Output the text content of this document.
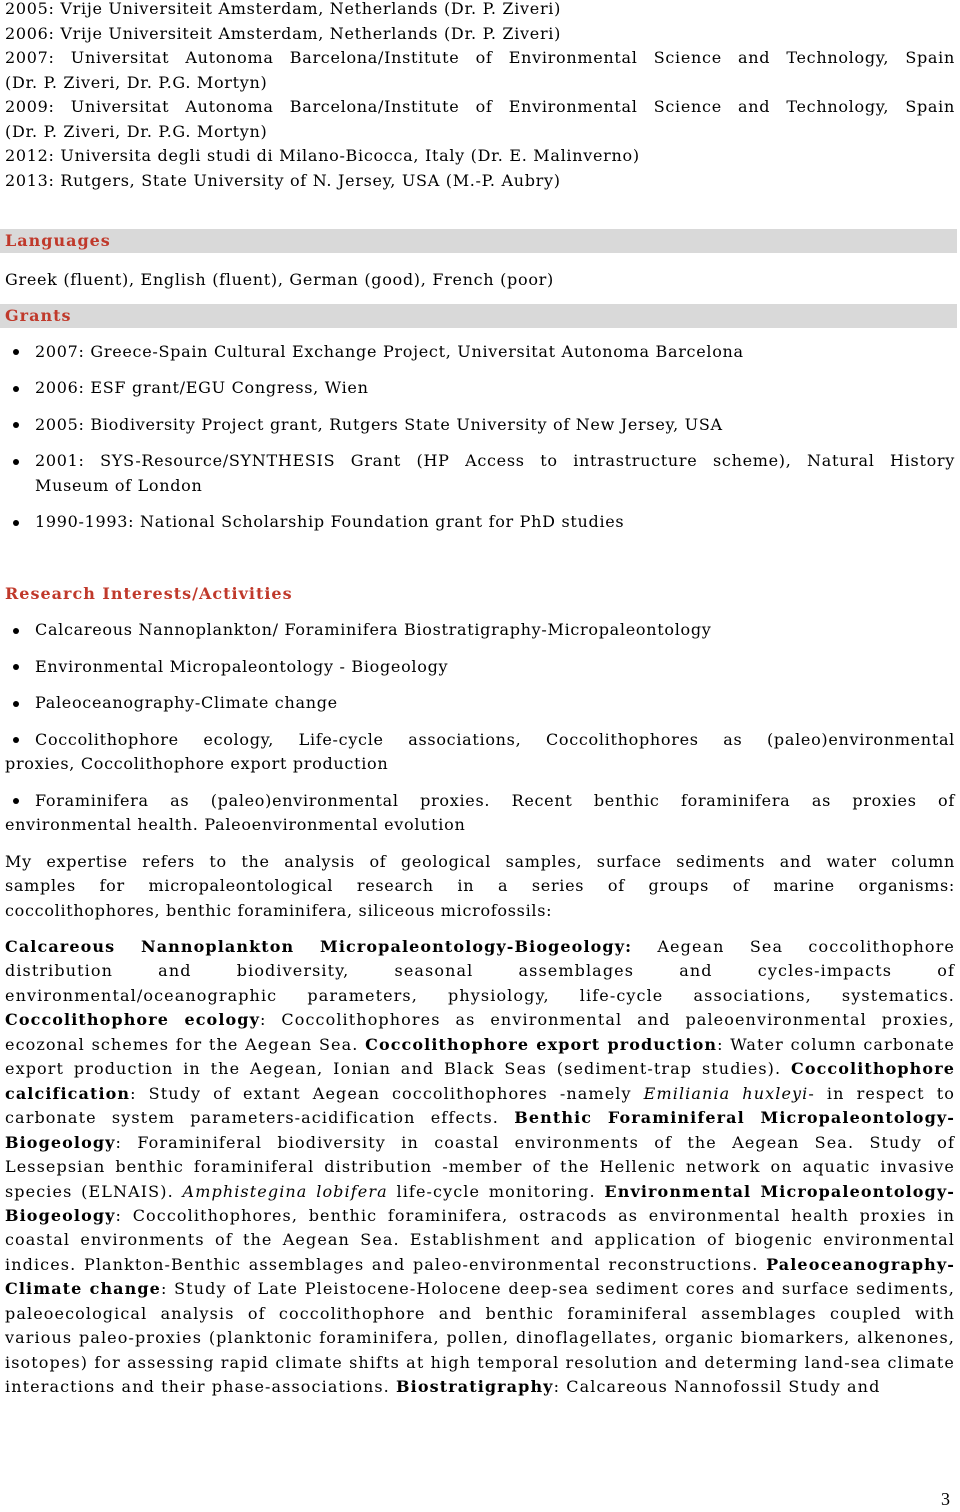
2005: Vrije Universiteit Amsterdam, Netherlands (Dr. P. Ziveri)
2006: Vrije Universiteit Amsterdam, Netherlands (Dr. P. Ziveri)
2007: Universitat Autonoma Barcelona/Institute of Environmental Science and Technology, Spain
(Dr. P. Ziveri, Dr. P.G. Mortyn)
2009: Universitat Autonoma Barcelona/Institute of Environmental Science and Technology, Spain
(Dr. P. Ziveri, Dr. P.G. Mortyn)
2012: Universita degli studi di Milano-Bicocca, Italy (Dr. E. Malinverno)
2013: Rutgers, State University of N. Jersey, USA (M.-P. Aubry)
Languages
Greek (fluent), English (fluent), German (good), French (poor)
Grants
2007: Greece-Spain Cultural Exchange Project, Universitat Autonoma Barcelona
2006: ESF grant/EGU Congress, Wien
2005: Biodiversity Project grant, Rutgers State University of New Jersey, USA
2001: SYS-Resource/SYNTHESIS Grant (HP Access to intrastructure scheme), Natural History
Museum of London
1990-1993: National Scholarship Foundation grant for PhD studies
Research Interests/Activities
Calcareous Nannoplankton/ Foraminifera Biostratigraphy-Micropaleontology
Environmental Micropaleontology - Biogeology
Paleoceanography-Climate change
Coccolithophore ecology, Life-cycle associations, Coccolithophores as (paleo)environmental
proxies, Coccolithophore export production
Foraminifera as (paleo)environmental proxies. Recent benthic foraminifera as proxies of
environmental health. Paleoenvironmental evolution
My expertise refers to the analysis of geological samples, surface sediments and water column
samples for micropaleontological research in a series of groups of marine organisms:
coccolithophores, benthic foraminifera, siliceous microfossils:
Calcareous Nannoplankton Micropaleontology-Biogeology: Aegean Sea coccolithophore distribution and biodiversity, seasonal assemblages and cycles-impacts of environmental/oceanographic parameters, physiology, life-cycle associations, systematics. Coccolithophore ecology: Coccolithophores as environmental and paleoenvironmental proxies, ecozonal schemes for the Aegean Sea. Coccolithophore export production: Water column carbonate export production in the Aegean, Ionian and Black Seas (sediment-trap studies). Coccolithophore calcification: Study of extant Aegean coccolithophores -namely Emiliania huxleyi- in respect to carbonate system parameters-acidification effects. Benthic Foraminiferal Micropaleontology-Biogeology: Foraminiferal biodiversity in coastal environments of the Aegean Sea. Study of Lessepsian benthic foraminiferal distribution -member of the Hellenic network on aquatic invasive species (ELNAIS). Amphistegina lobifera life-cycle monitoring. Environmental Micropaleontology-Biogeology: Coccolithophores, benthic foraminifera, ostracods as environmental health proxies in coastal environments of the Aegean Sea. Establishment and application of biogenic environmental indices. Plankton-Benthic assemblages and paleo-environmental reconstructions. Paleoceanography-Climate change: Study of Late Pleistocene-Holocene deep-sea sediment cores and surface sediments, paleoecological analysis of coccolithophore and benthic foraminiferal assemblages coupled with various paleo-proxies (planktonic foraminifera, pollen, dinoflagellates, organic biomarkers, alkenones, isotopes) for assessing rapid climate shifts at high temporal resolution and determing land-sea climate interactions and their phase-associations. Biostratigraphy: Calcareous Nannofossil Study and
3
